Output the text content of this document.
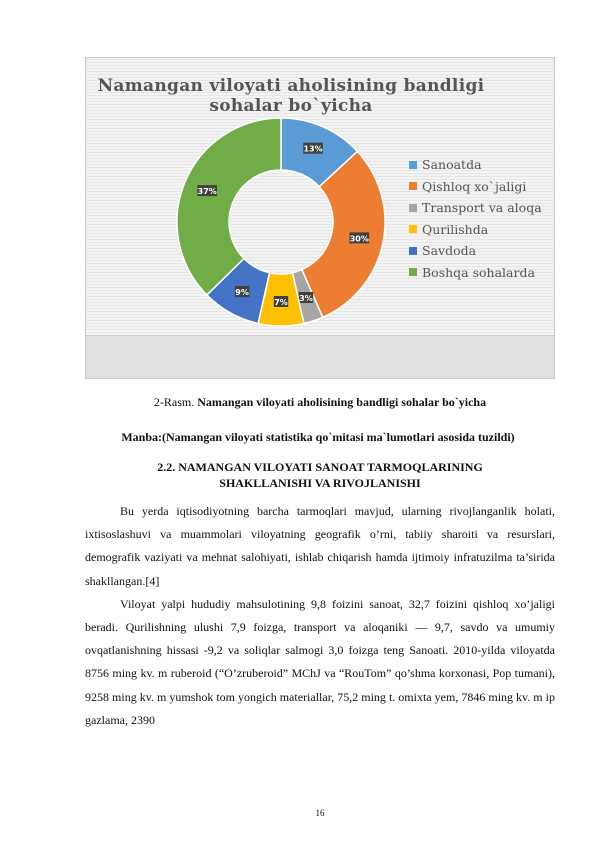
Namangan viloyati aholisining bandligi
sohalar bo`yicha
13%
30%
3%
7%
9%
37%
Sanoatda
Qishloq xo`jaligi
Transport va aloqa
Qurilishda
Savdoda
Boshqa sohalarda
2-Rasm. Namangan viloyati aholisining bandligi sohalar bo`yicha
Manba:(Namangan viloyati statistika qo`mitasi ma`lumotlari asosida tuzildi)
2.2. NAMANGAN VILOYATI SANOAT TARMOQLARINING
SHAKLLANISHI VA RIVOJLANISHI

Bu yerda iqtisodiyotning barcha tarmoqlari mavjud, ularning rivojlanganlik holati, ixtisoslashuvi va muammolari viloyatning geografik o’rni, tabiiy sharoiti va resurslari, demografik vaziyati va mehnat salohiyati, ishlab chiqarish hamda ijtimoiy infratuzilma ta’sirida shakllangan.[4]

Viloyat yalpi hududiy mahsulotining 9,8 foizini sanoat, 32,7 foizini qishloq xo’jaligi beradi. Qurilishning ulushi 7,9 foizga, transport va aloqaniki — 9,7, savdo va umumiy ovqatlanishning hissasi -9,2 va soliqlar salmogi 3,0 foizga teng Sanoati. 2010-yilda viloyatda 8756 ming kv. m ruberoid (“O’zruberoid” MChJ va “RouTom” qo’shma korxonasi, Pop tumani), 9258 ming kv. m yumshok tom yongich materiallar, 75,2 ming t. omixta yem, 7846 ming kv. m ip gazlama, 2390

16
